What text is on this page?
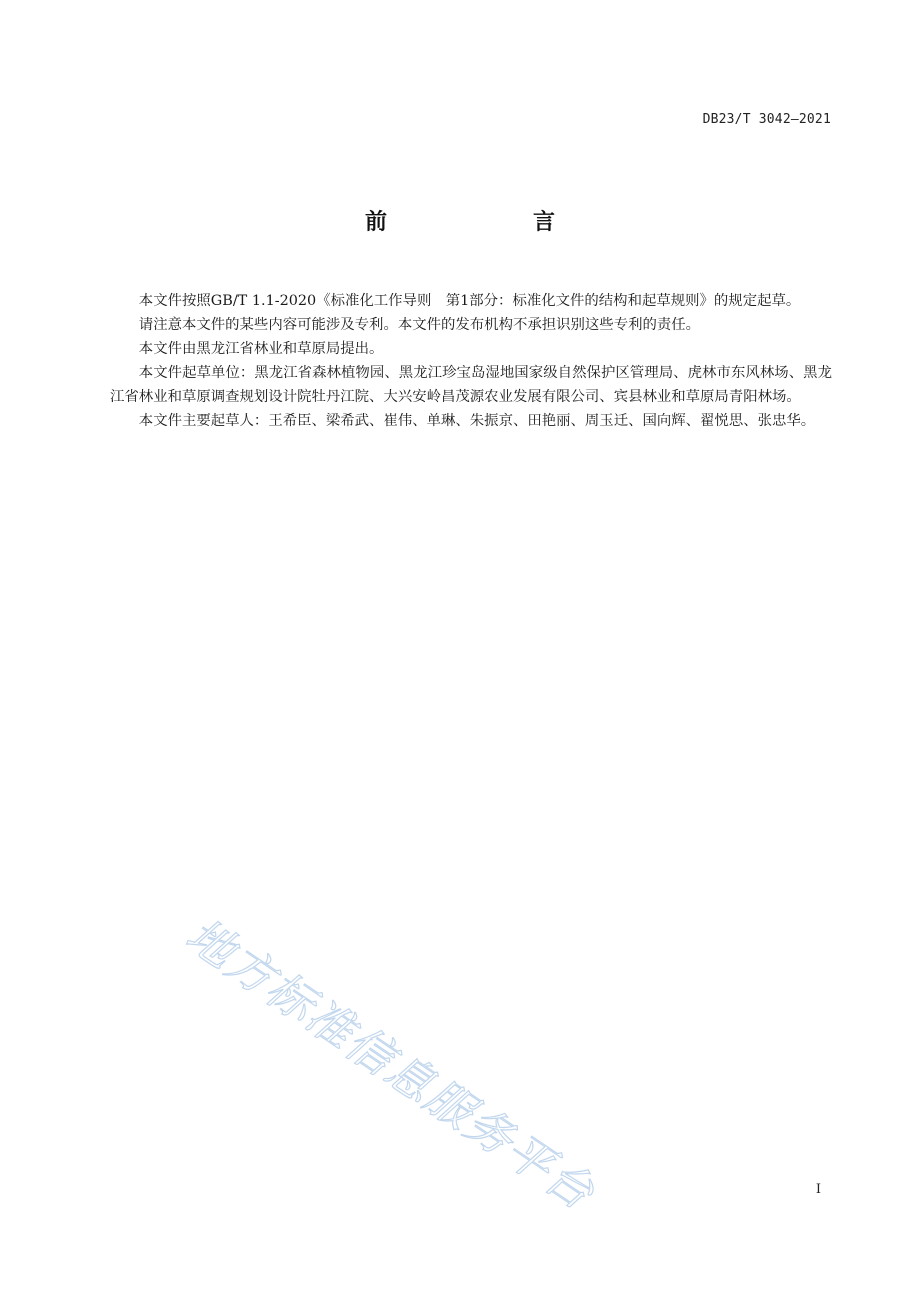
DB23/T 3042—2021
前　言

本文件按照GB/T 1.1-2020《标准化工作导则　第1部分：标准化文件的结构和起草规则》的规定起草。

请注意本文件的某些内容可能涉及专利。本文件的发布机构不承担识别这些专利的责任。

本文件由黑龙江省林业和草原局提出。

本文件起草单位：黑龙江省森林植物园、黑龙江珍宝岛湿地国家级自然保护区管理局、虎林市东风林场、黑龙江省林业和草原调查规划设计院牡丹江院、大兴安岭昌茂源农业发展有限公司、宾县林业和草原局青阳林场。

本文件主要起草人：王希臣、梁希武、崔伟、单琳、朱振京、田艳丽、周玉迁、国向辉、翟悦思、张忠华。

地方标准信息服务平台	I
